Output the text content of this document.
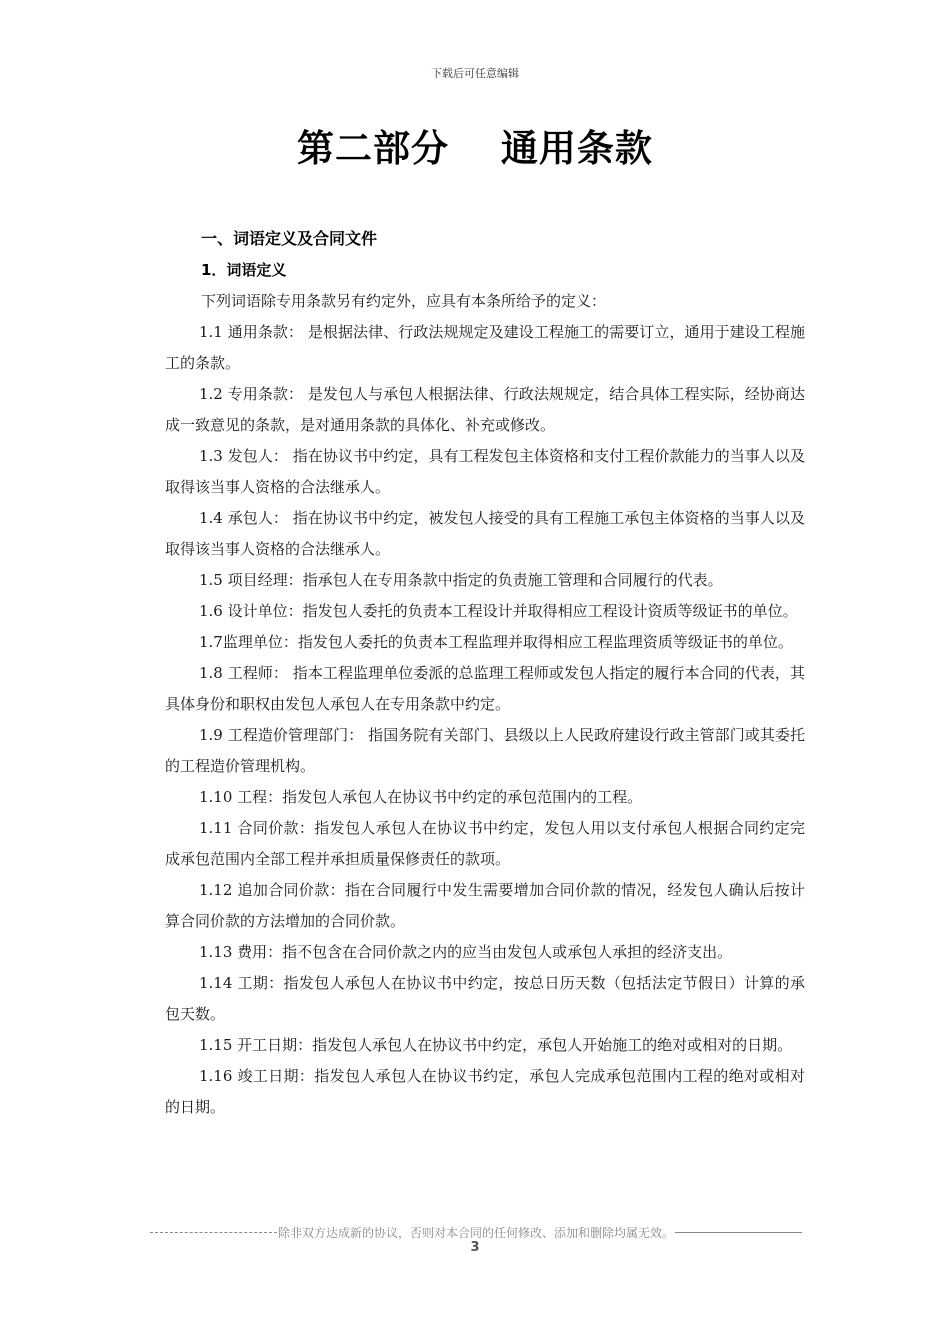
下载后可任意编辑
第二部分　 通用条款
一、词语定义及合同文件
1．词语定义
下列词语除专用条款另有约定外，应具有本条所给予的定义：

1.1 通用条款： 是根据法律、行政法规规定及建设工程施工的需要订立，通用于建设工程施工的条款。

1.2 专用条款： 是发包人与承包人根据法律、行政法规规定，结合具体工程实际，经协商达成一致意见的条款，是对通用条款的具体化、补充或修改。

1.3 发包人： 指在协议书中约定，具有工程发包主体资格和支付工程价款能力的当事人以及取得该当事人资格的合法继承人。

1.4 承包人： 指在协议书中约定，被发包人接受的具有工程施工承包主体资格的当事人以及取得该当事人资格的合法继承人。

1.5 项目经理：指承包人在专用条款中指定的负责施工管理和合同履行的代表。

1.6 设计单位：指发包人委托的负责本工程设计并取得相应工程设计资质等级证书的单位。

1.7监理单位：指发包人委托的负责本工程监理并取得相应工程监理资质等级证书的单位。

1.8 工程师： 指本工程监理单位委派的总监理工程师或发包人指定的履行本合同的代表，其具体身份和职权由发包人承包人在专用条款中约定。

1.9 工程造价管理部门： 指国务院有关部门、县级以上人民政府建设行政主管部门或其委托的工程造价管理机构。

1.10 工程：指发包人承包人在协议书中约定的承包范围内的工程。

1.11 合同价款：指发包人承包人在协议书中约定，发包人用以支付承包人根据合同约定完成承包范围内全部工程并承担质量保修责任的款项。

1.12 追加合同价款：指在合同履行中发生需要增加合同价款的情况，经发包人确认后按计算合同价款的方法增加的合同价款。

1.13 费用：指不包含在合同价款之内的应当由发包人或承包人承担的经济支出。

1.14 工期：指发包人承包人在协议书中约定，按总日历天数（包括法定节假日）计算的承包天数。

1.15 开工日期：指发包人承包人在协议书中约定，承包人开始施工的绝对或相对的日期。

1.16 竣工日期：指发包人承包人在协议书约定，承包人完成承包范围内工程的绝对或相对的日期。

除非双方达成新的协议，否则对本合同的任何修改、添加和删除均属无效。
3
